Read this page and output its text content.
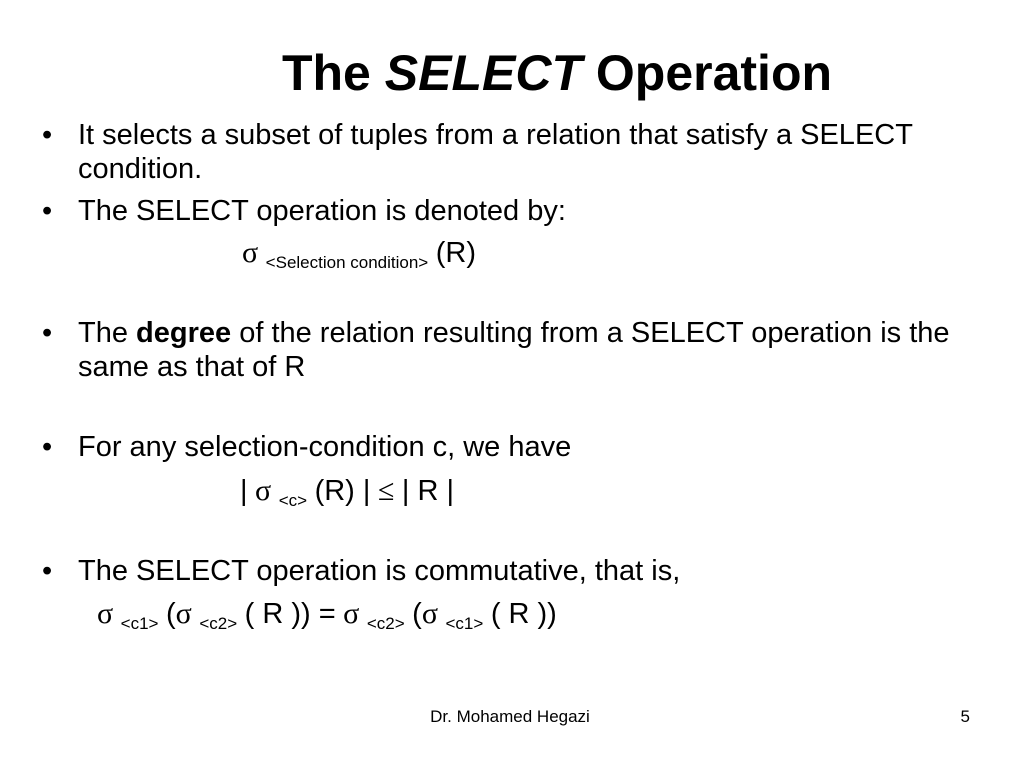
The SELECT Operation
• It selects a subset of tuples from a relation that satisfy a SELECT condition.
• The SELECT operation is denoted by:
σ $_{<Selection condition>}$ (R)
• The degree of the relation resulting from a SELECT operation is the same as that of R
• For any selection-condition c, we have
| σ $_{<c>}$ (R) | ≤ | R |
• The SELECT operation is commutative, that is,
σ $_{<c1>}$ (σ $_{<c2>}$ ( R )) = σ $_{<c2>}$ (σ $_{<c1>}$ ( R ))
Dr. Mohamed Hegazi	5
